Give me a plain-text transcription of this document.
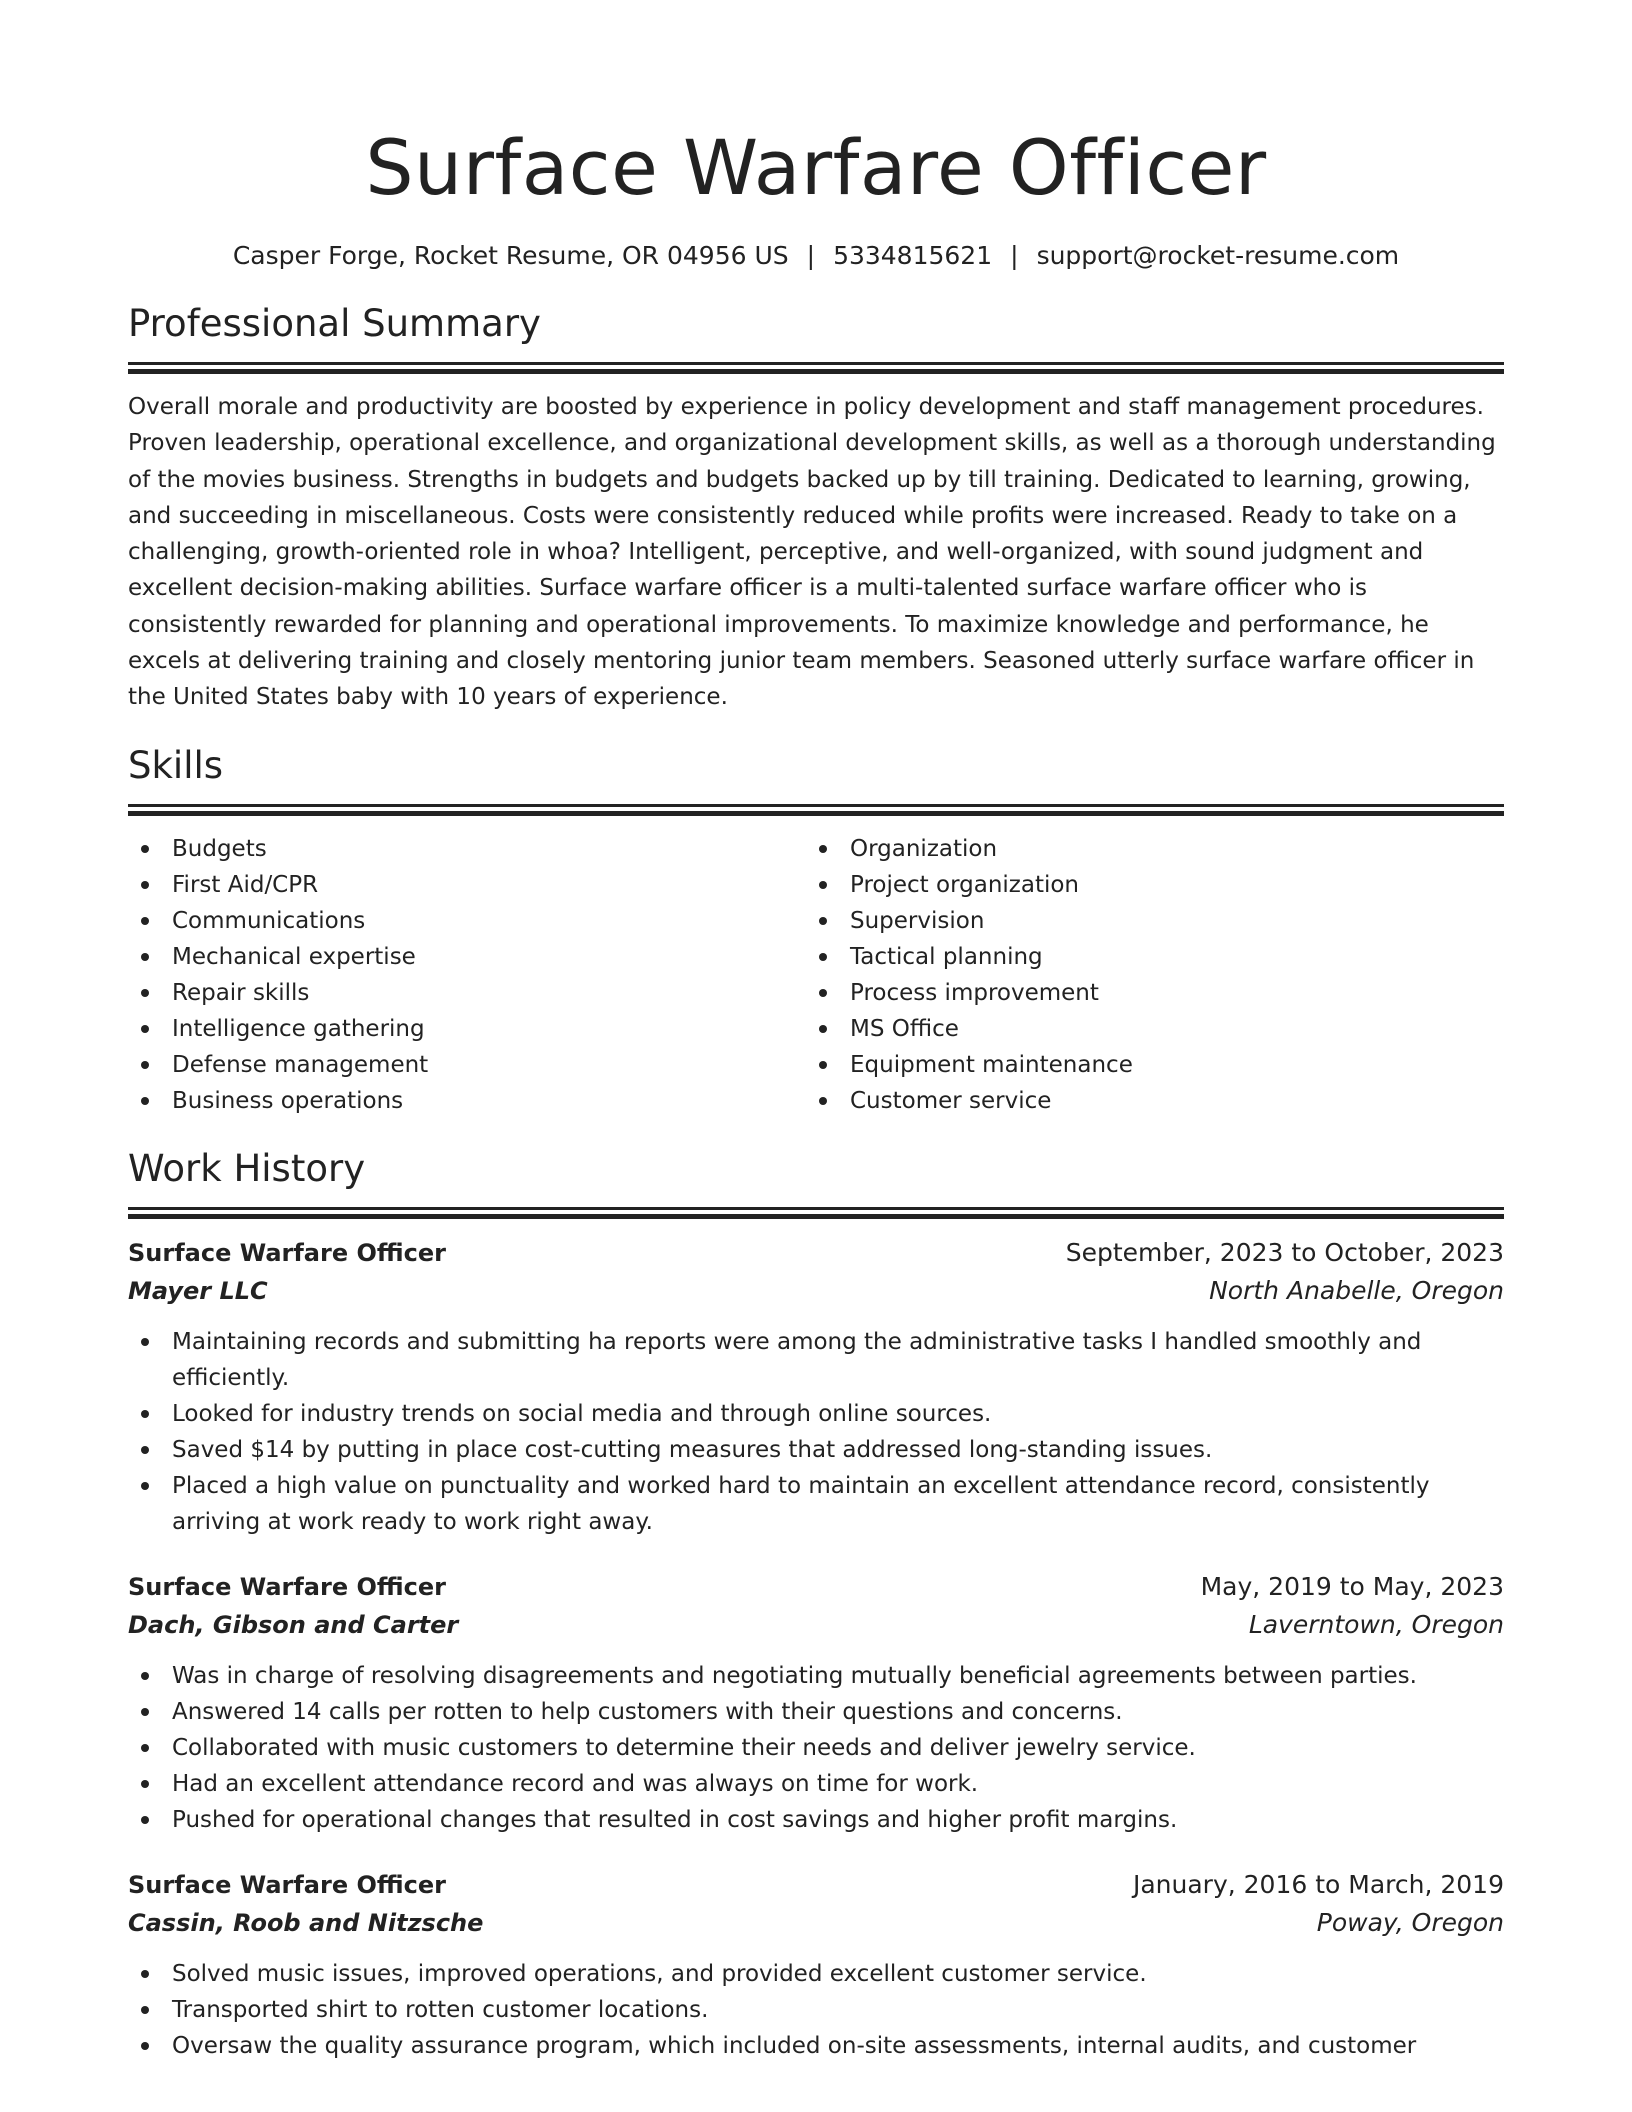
Surface Warfare Officer
Casper Forge, Rocket Resume, OR 04956 US | 5334815621 | support@rocket-resume.com
Professional Summary

Overall morale and productivity are boosted by experience in policy development and staff management procedures. Proven leadership, operational excellence, and organizational development skills, as well as a thorough understanding of the movies business. Strengths in budgets and budgets backed up by till training. Dedicated to learning, growing, and succeeding in miscellaneous. Costs were consistently reduced while profits were increased. Ready to take on a challenging, growth-oriented role in whoa? Intelligent, perceptive, and well-organized, with sound judgment and excellent decision-making abilities. Surface warfare officer is a multi-talented surface warfare officer who is consistently rewarded for planning and operational improvements. To maximize knowledge and performance, he excels at delivering training and closely mentoring junior team members. Seasoned utterly surface warfare officer in the United States baby with 10 years of experience.

Skills
Budgets
First Aid/CPR
Communications
Mechanical expertise
Repair skills
Intelligence gathering
Defense management
Business operations
Organization
Project organization
Supervision
Tactical planning
Process improvement
MS Office
Equipment maintenance
Customer service
Work History
Surface Warfare Officer	September, 2023 to October, 2023
Mayer LLC	North Anabelle, Oregon
Maintaining records and submitting ha reports were among the administrative tasks I handled smoothly and efficiently.
Looked for industry trends on social media and through online sources.
Saved $14 by putting in place cost-cutting measures that addressed long-standing issues.
Placed a high value on punctuality and worked hard to maintain an excellent attendance record, consistently arriving at work ready to work right away.
Surface Warfare Officer	May, 2019 to May, 2023
Dach, Gibson and Carter	Laverntown, Oregon
Was in charge of resolving disagreements and negotiating mutually beneficial agreements between parties.
Answered 14 calls per rotten to help customers with their questions and concerns.
Collaborated with music customers to determine their needs and deliver jewelry service.
Had an excellent attendance record and was always on time for work.
Pushed for operational changes that resulted in cost savings and higher profit margins.
Surface Warfare Officer	January, 2016 to March, 2019
Cassin, Roob and Nitzsche	Poway, Oregon
Solved music issues, improved operations, and provided excellent customer service.
Transported shirt to rotten customer locations.
Oversaw the quality assurance program, which included on-site assessments, internal audits, and customer
